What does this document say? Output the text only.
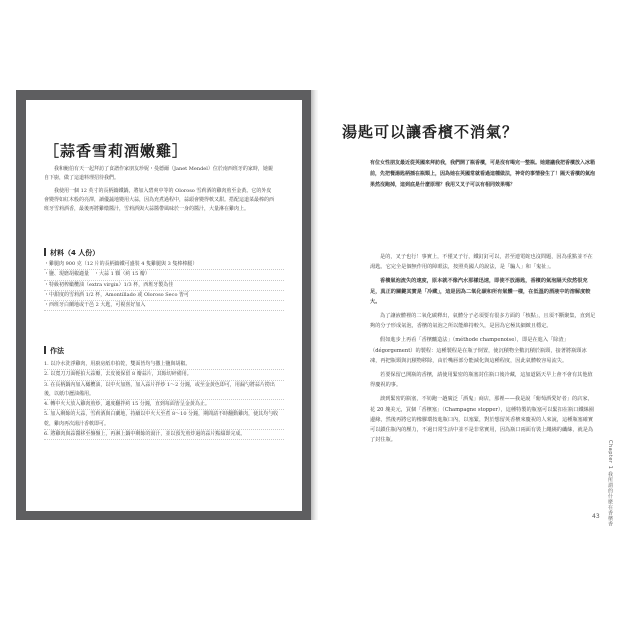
［蒜香雪莉酒嫩雞］

我和鮑伯有天一起拜訪了食譜作家朋友珍妮・曼德爾（Janet Mendel）位於南西班牙的家時，她親自下廚，做了這道料理招待我們。

我使用一個 12 英寸的長柄鑄鐵鍋，將加入碧爽中等的 Oloroso 雪莉酒的雞肉煎至金黃。它的外皮會變得如紅木般的亮澤，讀優蔬地變用大蒜，因為充煮過程中，蒜頭會變得軟又甜。搭配這道菜最棒的西班牙雪莉酒香，最後再將雞燉醬汁，雪莉酒與大蒜醬帶風味於一身的醬汁，大量淋在雞肉上。

材料（4 人份）

・雞腿肉 900 克（12 片的長柄鑄鐵可盛裝 4 隻雞腿與 3 隻棒棒腿）

・鹽、現磨胡椒適量　・大蒜 1 顆（約 15 瓣）

・特級初榨橄欖油（extra virgin）1/3 杯，西班牙製為佳

・中甜度的雪莉酒 1/2 杯，Amontillado 或 Oloroso Seco 皆可

・西班牙白蘭地或干邑 2 大匙，可視喜好加入

作法

1. 以冷水洗淨雞肉，用廚房紙巾拍乾，雙面皆均勻撒上鹽與胡椒。

2. 以寬刀刀面輕拍大蒜瓣，去皮後保留 8 瓣蒜片，其餘切碎備用。

3. 在長柄鍋內加入橄欖油，以中火加熱，加入蒜片拌炒 1～2 分鐘，或至金黃色即可，用漏勺將蒜片撈出後，以紙巾瀝油備用。

4. 轉中火大放入雞肉煎炒，適度翻拌約 15 分鐘，直到每面皆呈金黃為止。

5. 加入剩餘的大蒜，雪莉酒與白蘭地，持續以中火大至煮 8～10 分鐘，期間請不時翻動雞肉，使其均勻收乾，雞肉再次湯汁香軟即可。

6. 將雞肉與蒜醬移至盤盤上，再淋上鍋中剩餘的湯汁，並以預先煎炸過的蒜片點綴即完成。

湯匙可以讓香檳不消氣？

有位女性朋友最近從英國來拜訪我，我們開了瓶香檳，可是沒有喝完一整瓶。她建議我把香檳放入冰箱前，先把餐湯匙柄插在瓶頸上，因為她在英國常就看過這種做法，神奇的事情發生了！隔天香檳的氣泡果然沒跑掉，這到底是什麼原理？我用又叉子可以有相同效果嗎？

是的，叉子也行！事實上，不僅叉子行，鐵釘釘可以，甚至連電蛇也沒問題，因為重點並不在湯匙。它完全是個無作用的障眼法，按照英國人的說法，是「騙人」和「鬼扯」。

香檳氣泡流失的速度，原本就不像汽水那樣迅速，即使不放湯匙，香檳的氣泡隔天依然很充足，真正的關鍵其實是「冷藏」，這是因為二氧化碳和所有氣體一樣，在低溫的酒液中的溶解度較大。

為了讓液體裡的二氧化碳釋出，氣體分子必須要有很多方面的「核點」，且須不斷聚集，直到足夠的分子形成氣泡，香檳的氣泡之所以能維持較久，是因為它極其細緻且穩定。

假如進步上再看「香檳釀造法」（méthode champenoise），即是在進入「除渣」（dégorgement）的製程：這種製程是在瓶子倒置，使沉積物全數沉積於瓶頸，接著將瓶頸冰凍，再把瓶頸與沉積物移除，由於嘴唇部分能減化與這種程度，因此氣體較容易流失。

若要保留已開瓶的香檳，請使用緊密的瓶塞封住瓶口後冷藏，這加道隔天早上會不會有其他值得慶祝的事。

談到緊密的瓶塞，不妨跑一趟廣泛「酒鬼」商店，那裡——我是說「葡萄酒愛好者」的店家，花 20 塊美元，買個「香檳塞」（Champagne stopper），這種特製的瓶塞可以緊扣在瓶口鐵絲圈邊緣，然後再將它的橡膠環按進瓶口內，以塞緊，對於想留英香檳來慶祝的人來說，這種瓶塞確實可以鎖住瓶內的壓力，不過日常生活中並不是非常實用，因為瓶口兩面有裝上繩繞的纖絲，就是為了封住瓶。	Chapter 1 我所謂的什麼在香檳香
43
